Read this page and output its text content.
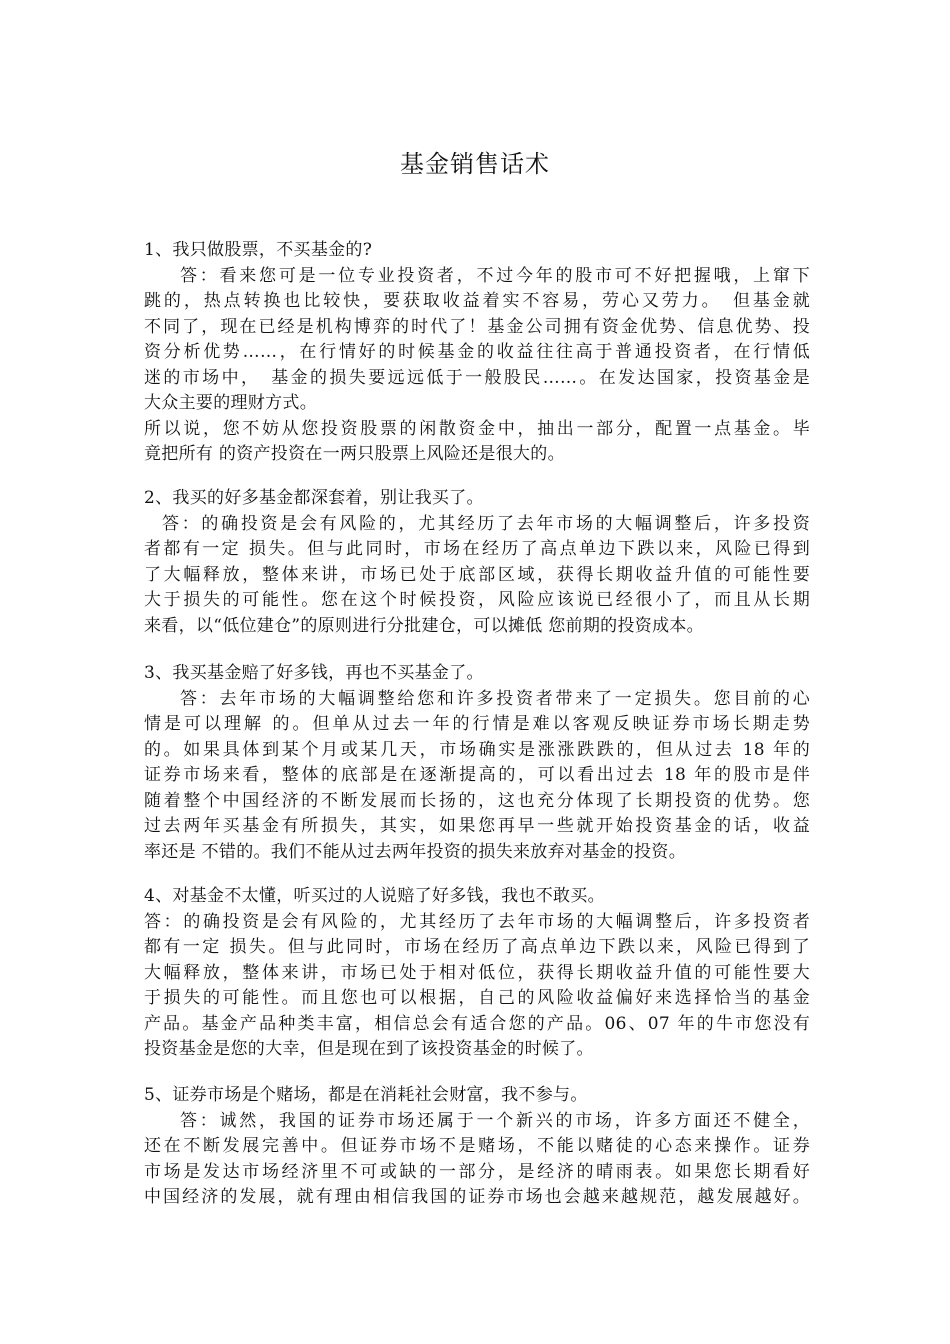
基金销售话术
1、我只做股票，不买基金的?
答：看来您可是一位专业投资者，不过今年的股市可不好把握哦，上窜下
跳的，热点转换也比较快，要获取收益着实不容易，劳心又劳力。　但基金就
不同了，现在已经是机构博弈的时代了！基金公司拥有资金优势、信息优势、投
资分析优势……，在行情好的时候基金的收益往往高于普通投资者，在行情低
迷的市场中，　基金的损失要远远低于一般股民……。在发达国家，投资基金是
大众主要的理财方式。
所以说，您不妨从您投资股票的闲散资金中，抽出一部分，配置一点基金。毕
竟把所有 的资产投资在一两只股票上风险还是很大的。
2、我买的好多基金都深套着，别让我买了。
答：的确投资是会有风险的，尤其经历了去年市场的大幅调整后，许多投资
者都有一定 损失。但与此同时，市场在经历了高点单边下跌以来，风险已得到
了大幅释放，整体来讲，市场已处于底部区域，获得长期收益升值的可能性要
大于损失的可能性。您在这个时候投资，风险应该说已经很小了，而且从长期
来看，以“低位建仓”的原则进行分批建仓，可以摊低 您前期的投资成本。
3、我买基金赔了好多钱，再也不买基金了。
答：去年市场的大幅调整给您和许多投资者带来了一定损失。您目前的心
情是可以理解 的。但单从过去一年的行情是难以客观反映证券市场长期走势
的。如果具体到某个月或某几天，市场确实是涨涨跌跌的，但从过去 18 年的
证券市场来看，整体的底部是在逐渐提高的，可以看出过去 18 年的股市是伴
随着整个中国经济的不断发展而长扬的，这也充分体现了长期投资的优势。您
过去两年买基金有所损失，其实，如果您再早一些就开始投资基金的话，收益
率还是 不错的。我们不能从过去两年投资的损失来放弃对基金的投资。
4、对基金不太懂，听买过的人说赔了好多钱，我也不敢买。
答：的确投资是会有风险的，尤其经历了去年市场的大幅调整后，许多投资者
都有一定 损失。但与此同时，市场在经历了高点单边下跌以来，风险已得到了
大幅释放，整体来讲，市场已处于相对低位，获得长期收益升值的可能性要大
于损失的可能性。而且您也可以根据，自己的风险收益偏好来选择恰当的基金
产品。基金产品种类丰富，相信总会有适合您的产品。06、07 年的牛市您没有
投资基金是您的大幸，但是现在到了该投资基金的时候了。
5、证券市场是个赌场，都是在消耗社会财富，我不参与。
答：诚然，我国的证券市场还属于一个新兴的市场，许多方面还不健全，
还在不断发展完善中。但证券市场不是赌场，不能以赌徒的心态来操作。证券
市场是发达市场经济里不可或缺的一部分，是经济的晴雨表。如果您长期看好
中国经济的发展，就有理由相信我国的证券市场也会越来越规范，越发展越好。
